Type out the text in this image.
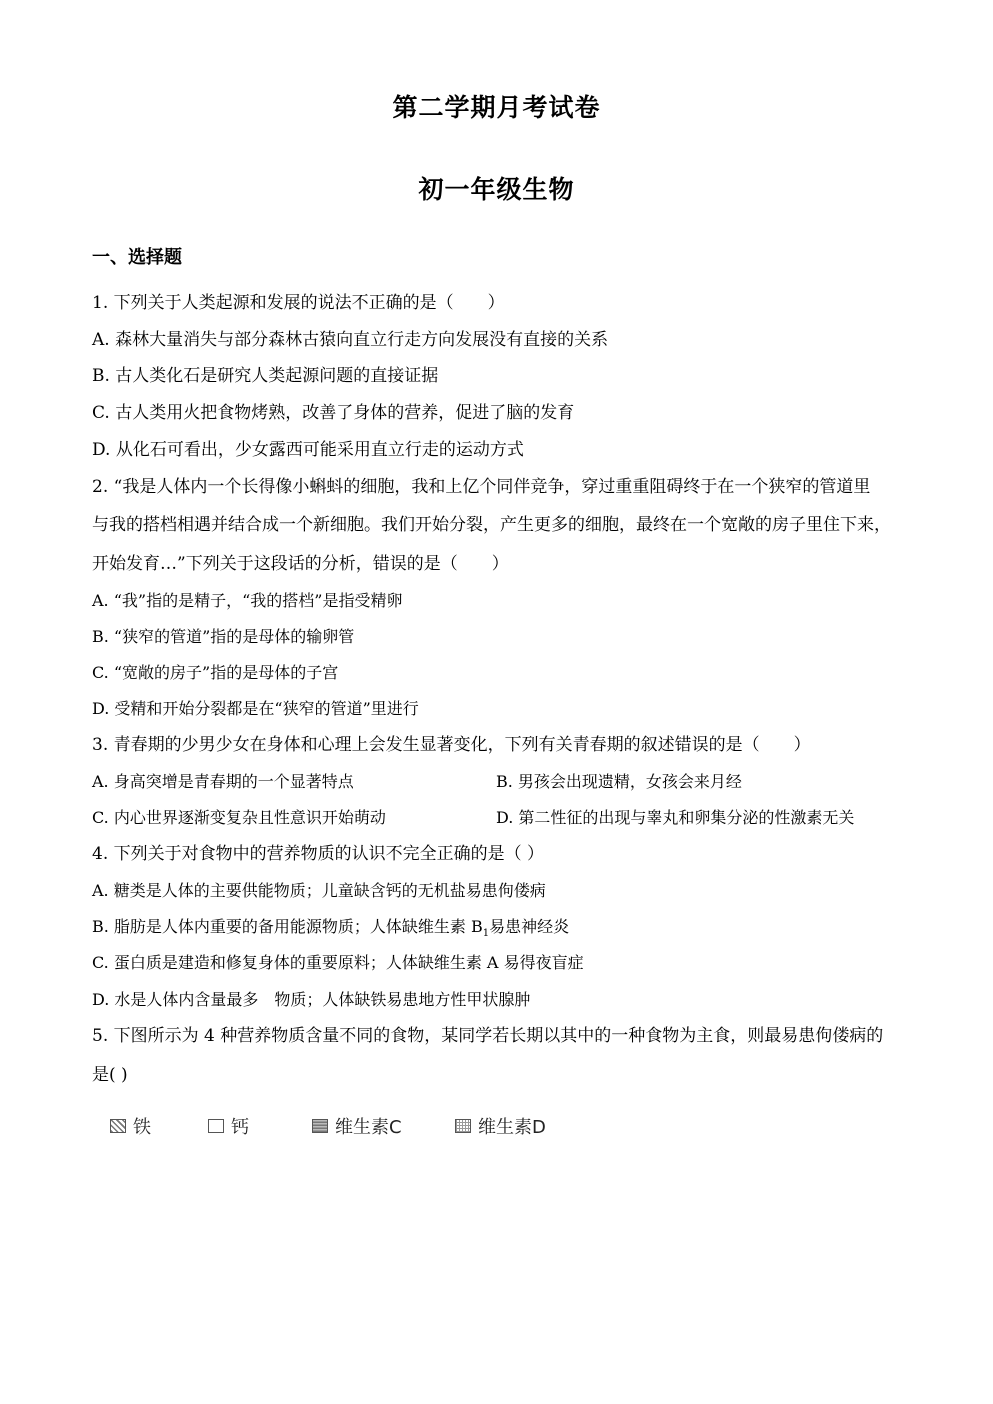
第二学期月考试卷
初一年级生物
一、选择题
1. 下列关于人类起源和发展的说法不正确的是（　　）
A. 森林大量消失与部分森林古猿向直立行走方向发展没有直接的关系
B. 古人类化石是研究人类起源问题的直接证据
C. 古人类用火把食物烤熟，改善了身体的营养，促进了脑的发育
D. 从化石可看出，少女露西可能采用直立行走的运动方式
2. “我是人体内一个长得像小蝌蚪的细胞，我和上亿个同伴竞争，穿过重重阻碍终于在一个狭窄的管道里
与我的搭档相遇并结合成一个新细胞。我们开始分裂，产生更多的细胞，最终在一个宽敞的房子里住下来，
开始发育…”下列关于这段话的分析，错误的是（　　）
A. “我”指的是精子，“我的搭档”是指受精卵
B. “狭窄的管道”指的是母体的输卵管
C. “宽敞的房子”指的是母体的子宫
D. 受精和开始分裂都是在“狭窄的管道”里进行
3. 青春期的少男少女在身体和心理上会发生显著变化，下列有关青春期的叙述错误的是（　　）
A. 身高突增是青春期的一个显著特点	B. 男孩会出现遗精，女孩会来月经
C. 内心世界逐渐变复杂且性意识开始萌动	D. 第二性征的出现与睾丸和卵集分泌的性激素无关
4. 下列关于对食物中的营养物质的认识不完全正确的是（ ）
A. 糖类是人体的主要供能物质；儿童缺含钙的无机盐易患佝偻病
B. 脂肪是人体内重要的备用能源物质；人体缺维生素 $B_1$易患神经炎
C. 蛋白质是建造和修复身体的重要原料；人体缺维生素 A 易得夜盲症
D. 水是人体内含量最多　物质；人体缺铁易患地方性甲状腺肿
5. 下图所示为 4 种营养物质含量不同的食物，某同学若长期以其中的一种食物为主食，则最易患佝偻病的
是( )
铁	钙	维生素C	维生素D
